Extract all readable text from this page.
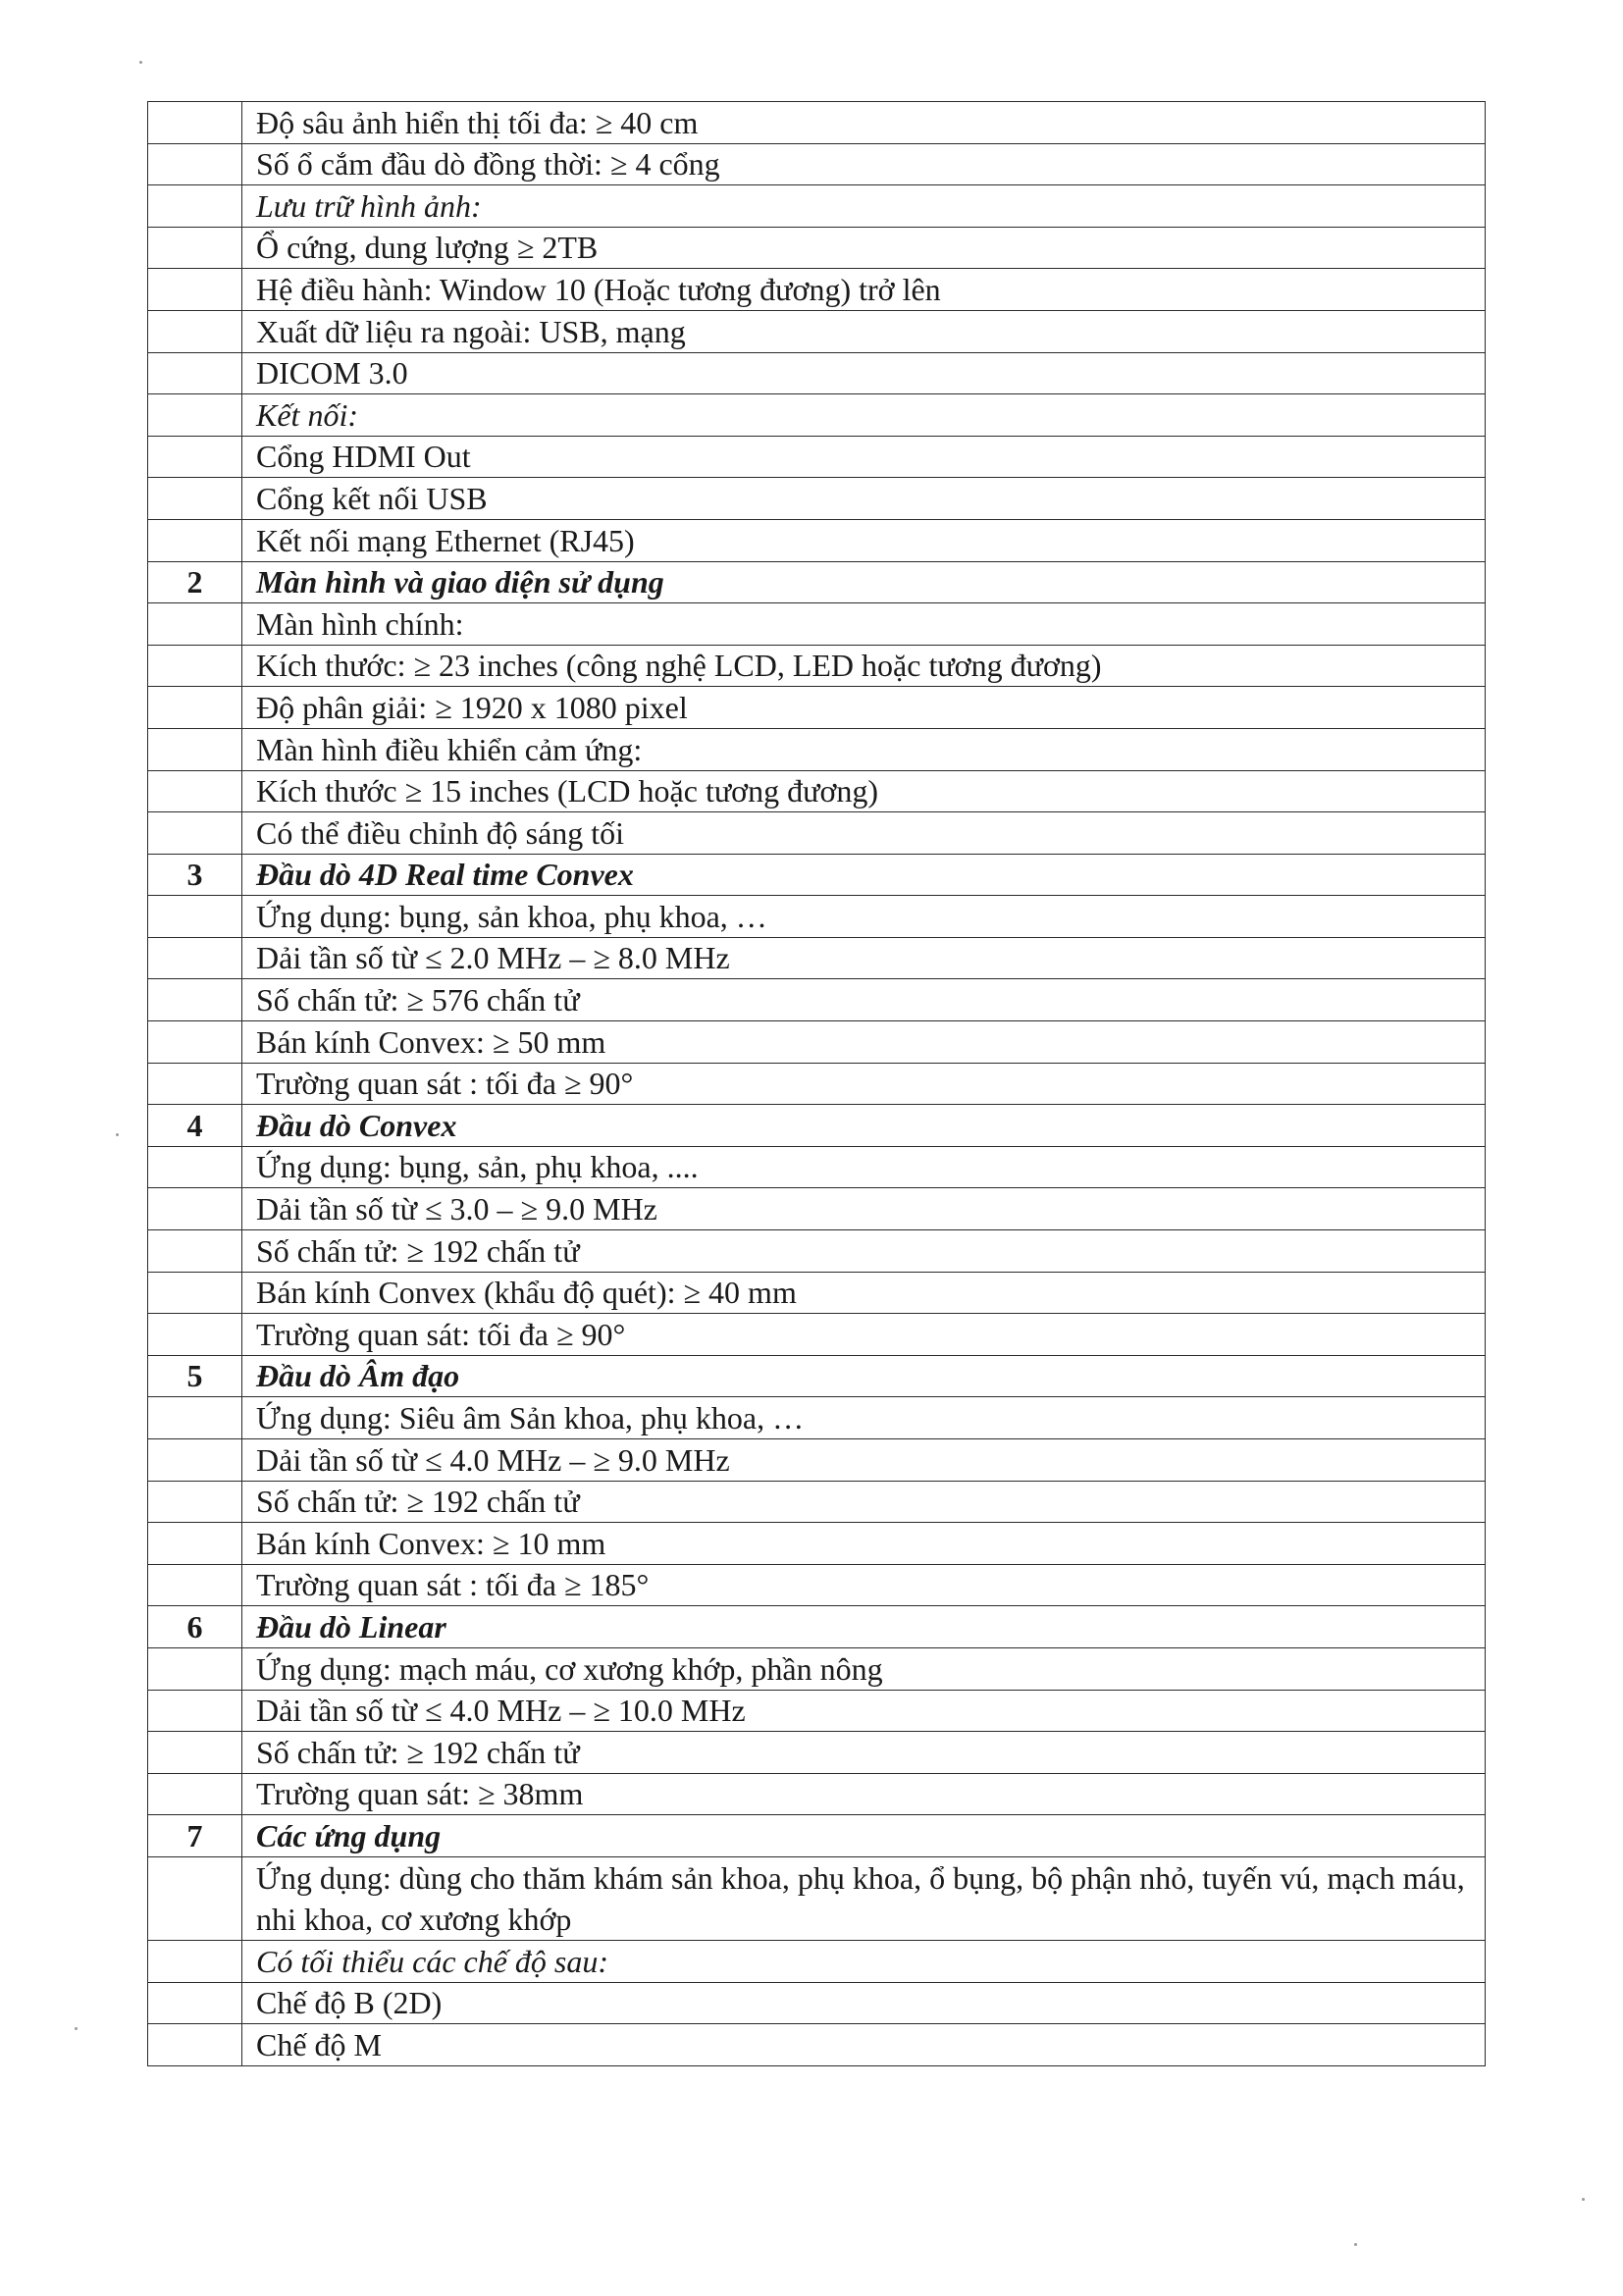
	Độ sâu ảnh hiển thị tối đa: ≥ 40 cm
	Số ổ cắm đầu dò đồng thời: ≥ 4 cổng
	Lưu trữ hình ảnh:
	Ổ cứng, dung lượng ≥ 2TB
	Hệ điều hành: Window 10 (Hoặc tương đương) trở lên
	Xuất dữ liệu ra ngoài: USB, mạng
	DICOM 3.0
	Kết nối:
	Cổng HDMI Out
	Cổng kết nối USB
	Kết nối mạng Ethernet (RJ45)
2	Màn hình và giao diện sử dụng
	Màn hình chính:
	Kích thước: ≥ 23 inches (công nghệ LCD, LED hoặc tương đương)
	Độ phân giải: ≥ 1920 x 1080 pixel
	Màn hình điều khiển cảm ứng:
	Kích thước ≥ 15 inches (LCD hoặc tương đương)
	Có thể điều chỉnh độ sáng tối
3	Đầu dò 4D Real time Convex
	Ứng dụng: bụng, sản khoa, phụ khoa, …
	Dải tần số từ ≤ 2.0 MHz – ≥ 8.0 MHz
	Số chấn tử: ≥ 576 chấn tử
	Bán kính Convex: ≥ 50 mm
	Trường quan sát : tối đa ≥ 90°
4	Đầu dò Convex
	Ứng dụng: bụng, sản, phụ khoa, ....
	Dải tần số từ ≤ 3.0 – ≥ 9.0 MHz
	Số chấn tử: ≥ 192 chấn tử
	Bán kính Convex (khẩu độ quét): ≥ 40 mm
	Trường quan sát: tối đa ≥ 90°
5	Đầu dò Âm đạo
	Ứng dụng: Siêu âm Sản khoa, phụ khoa, …
	Dải tần số từ ≤ 4.0 MHz – ≥ 9.0 MHz
	Số chấn tử: ≥ 192 chấn tử
	Bán kính Convex: ≥ 10 mm
	Trường quan sát : tối đa ≥ 185°
6	Đầu dò Linear
	Ứng dụng: mạch máu, cơ xương khớp, phần nông
	Dải tần số từ ≤ 4.0 MHz – ≥ 10.0 MHz
	Số chấn tử: ≥ 192 chấn tử
	Trường quan sát: ≥ 38mm
7	Các ứng dụng
	Ứng dụng: dùng cho thăm khám sản khoa, phụ khoa, ổ bụng, bộ phận nhỏ, tuyến vú, mạch máu, nhi khoa, cơ xương khớp
	Có tối thiểu các chế độ sau:
	Chế độ B (2D)
	Chế độ M
